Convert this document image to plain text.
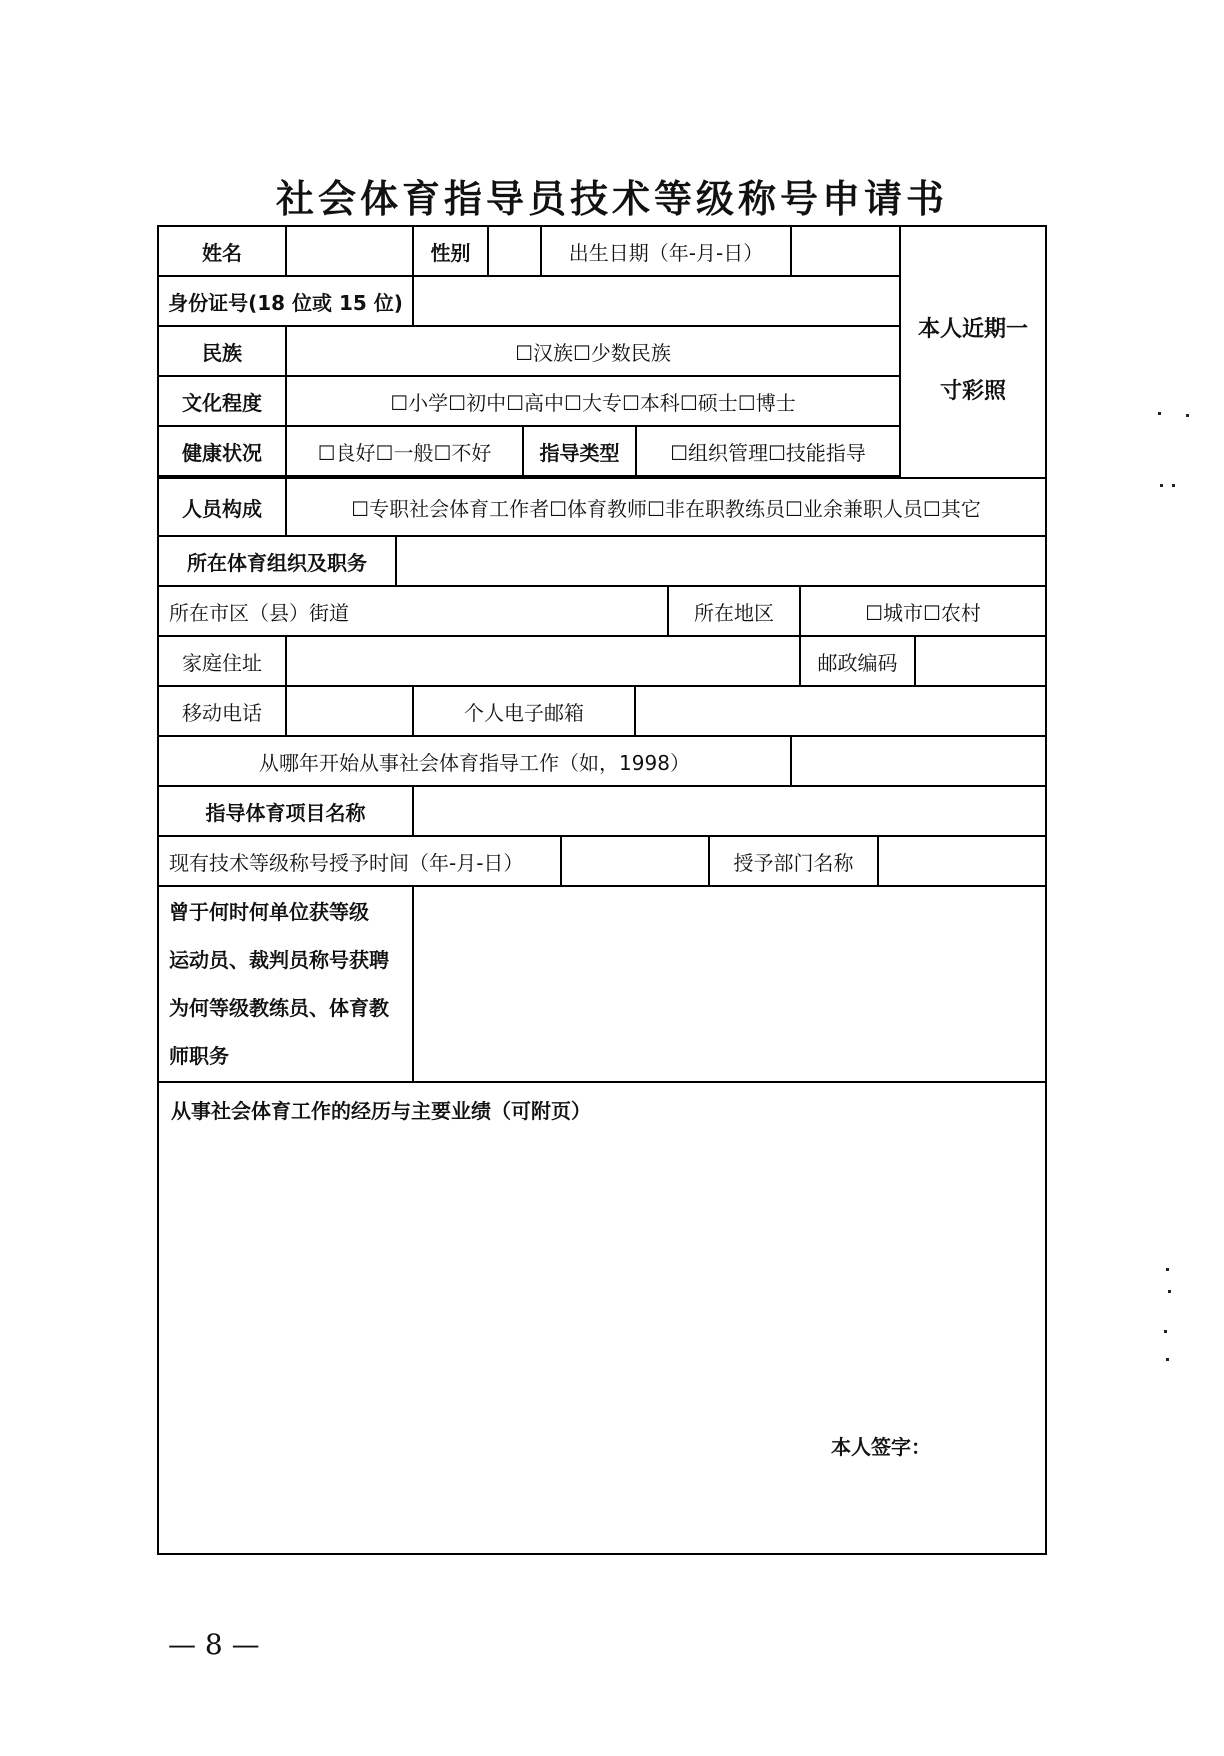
社会体育指导员技术等级称号申请书
姓名	性别	出生日期（年-月-日）
身份证号(18 位或 15 位)
民族	☐汉族☐少数民族
文化程度	☐小学☐初中☐高中☐大专☐本科☐硕士☐博士
健康状况	☐良好☐一般☐不好	指导类型	☐组织管理☐技能指导
本人近期一
寸彩照
人员构成	☐专职社会体育工作者☐体育教师☐非在职教练员☐业余兼职人员☐其它
所在体育组织及职务
所在市区（县）街道	所在地区	☐城市☐农村
家庭住址	邮政编码
移动电话	个人电子邮箱
从哪年开始从事社会体育指导工作（如，1998）
指导体育项目名称
现有技术等级称号授予时间（年-月-日）	授予部门名称
曾于何时何单位获等级
运动员、裁判员称号获聘
为何等级教练员、体育教
师职务
从事社会体育工作的经历与主要业绩（可附页）
本人签字：
— 8 —
